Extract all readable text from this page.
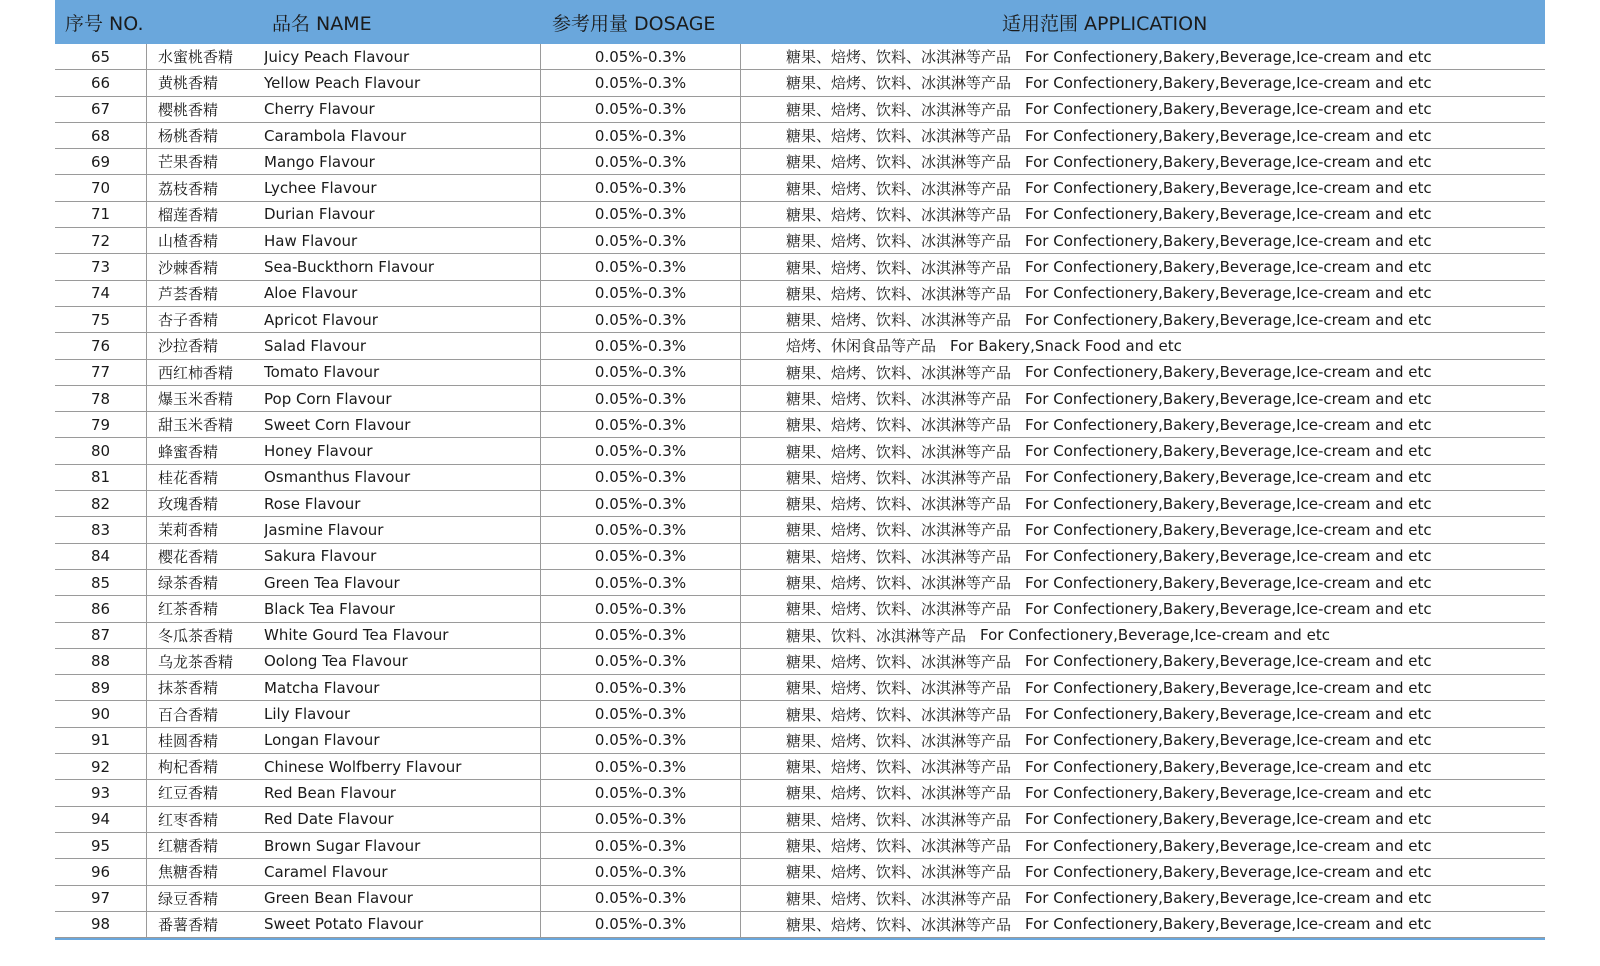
序号 NO.	品名 NAME	参考用量 DOSAGE	适用范围 APPLICATION
65	水蜜桃香精	Juicy Peach Flavour	0.05%-0.3%	糖果、焙烤、饮料、冰淇淋等产品 For Confectionery,Bakery,Beverage,Ice-cream and etc
66	黄桃香精	Yellow Peach Flavour	0.05%-0.3%	糖果、焙烤、饮料、冰淇淋等产品 For Confectionery,Bakery,Beverage,Ice-cream and etc
67	樱桃香精	Cherry Flavour	0.05%-0.3%	糖果、焙烤、饮料、冰淇淋等产品 For Confectionery,Bakery,Beverage,Ice-cream and etc
68	杨桃香精	Carambola Flavour	0.05%-0.3%	糖果、焙烤、饮料、冰淇淋等产品 For Confectionery,Bakery,Beverage,Ice-cream and etc
69	芒果香精	Mango Flavour	0.05%-0.3%	糖果、焙烤、饮料、冰淇淋等产品 For Confectionery,Bakery,Beverage,Ice-cream and etc
70	荔枝香精	Lychee Flavour	0.05%-0.3%	糖果、焙烤、饮料、冰淇淋等产品 For Confectionery,Bakery,Beverage,Ice-cream and etc
71	榴莲香精	Durian Flavour	0.05%-0.3%	糖果、焙烤、饮料、冰淇淋等产品 For Confectionery,Bakery,Beverage,Ice-cream and etc
72	山楂香精	Haw Flavour	0.05%-0.3%	糖果、焙烤、饮料、冰淇淋等产品 For Confectionery,Bakery,Beverage,Ice-cream and etc
73	沙棘香精	Sea-Buckthorn Flavour	0.05%-0.3%	糖果、焙烤、饮料、冰淇淋等产品 For Confectionery,Bakery,Beverage,Ice-cream and etc
74	芦荟香精	Aloe Flavour	0.05%-0.3%	糖果、焙烤、饮料、冰淇淋等产品 For Confectionery,Bakery,Beverage,Ice-cream and etc
75	杏子香精	Apricot Flavour	0.05%-0.3%	糖果、焙烤、饮料、冰淇淋等产品 For Confectionery,Bakery,Beverage,Ice-cream and etc
76	沙拉香精	Salad Flavour	0.05%-0.3%	焙烤、休闲食品等产品 For Bakery,Snack Food and etc
77	西红柿香精	Tomato Flavour	0.05%-0.3%	糖果、焙烤、饮料、冰淇淋等产品 For Confectionery,Bakery,Beverage,Ice-cream and etc
78	爆玉米香精	Pop Corn Flavour	0.05%-0.3%	糖果、焙烤、饮料、冰淇淋等产品 For Confectionery,Bakery,Beverage,Ice-cream and etc
79	甜玉米香精	Sweet Corn Flavour	0.05%-0.3%	糖果、焙烤、饮料、冰淇淋等产品 For Confectionery,Bakery,Beverage,Ice-cream and etc
80	蜂蜜香精	Honey Flavour	0.05%-0.3%	糖果、焙烤、饮料、冰淇淋等产品 For Confectionery,Bakery,Beverage,Ice-cream and etc
81	桂花香精	Osmanthus Flavour	0.05%-0.3%	糖果、焙烤、饮料、冰淇淋等产品 For Confectionery,Bakery,Beverage,Ice-cream and etc
82	玫瑰香精	Rose Flavour	0.05%-0.3%	糖果、焙烤、饮料、冰淇淋等产品 For Confectionery,Bakery,Beverage,Ice-cream and etc
83	茉莉香精	Jasmine Flavour	0.05%-0.3%	糖果、焙烤、饮料、冰淇淋等产品 For Confectionery,Bakery,Beverage,Ice-cream and etc
84	樱花香精	Sakura Flavour	0.05%-0.3%	糖果、焙烤、饮料、冰淇淋等产品 For Confectionery,Bakery,Beverage,Ice-cream and etc
85	绿茶香精	Green Tea Flavour	0.05%-0.3%	糖果、焙烤、饮料、冰淇淋等产品 For Confectionery,Bakery,Beverage,Ice-cream and etc
86	红茶香精	Black Tea Flavour	0.05%-0.3%	糖果、焙烤、饮料、冰淇淋等产品 For Confectionery,Bakery,Beverage,Ice-cream and etc
87	冬瓜茶香精	White Gourd Tea Flavour	0.05%-0.3%	糖果、饮料、冰淇淋等产品 For Confectionery,Beverage,Ice-cream and etc
88	乌龙茶香精	Oolong Tea Flavour	0.05%-0.3%	糖果、焙烤、饮料、冰淇淋等产品 For Confectionery,Bakery,Beverage,Ice-cream and etc
89	抹茶香精	Matcha Flavour	0.05%-0.3%	糖果、焙烤、饮料、冰淇淋等产品 For Confectionery,Bakery,Beverage,Ice-cream and etc
90	百合香精	Lily Flavour	0.05%-0.3%	糖果、焙烤、饮料、冰淇淋等产品 For Confectionery,Bakery,Beverage,Ice-cream and etc
91	桂圆香精	Longan Flavour	0.05%-0.3%	糖果、焙烤、饮料、冰淇淋等产品 For Confectionery,Bakery,Beverage,Ice-cream and etc
92	枸杞香精	Chinese Wolfberry Flavour	0.05%-0.3%	糖果、焙烤、饮料、冰淇淋等产品 For Confectionery,Bakery,Beverage,Ice-cream and etc
93	红豆香精	Red Bean Flavour	0.05%-0.3%	糖果、焙烤、饮料、冰淇淋等产品 For Confectionery,Bakery,Beverage,Ice-cream and etc
94	红枣香精	Red Date Flavour	0.05%-0.3%	糖果、焙烤、饮料、冰淇淋等产品 For Confectionery,Bakery,Beverage,Ice-cream and etc
95	红糖香精	Brown Sugar Flavour	0.05%-0.3%	糖果、焙烤、饮料、冰淇淋等产品 For Confectionery,Bakery,Beverage,Ice-cream and etc
96	焦糖香精	Caramel Flavour	0.05%-0.3%	糖果、焙烤、饮料、冰淇淋等产品 For Confectionery,Bakery,Beverage,Ice-cream and etc
97	绿豆香精	Green Bean Flavour	0.05%-0.3%	糖果、焙烤、饮料、冰淇淋等产品 For Confectionery,Bakery,Beverage,Ice-cream and etc
98	番薯香精	Sweet Potato Flavour	0.05%-0.3%	糖果、焙烤、饮料、冰淇淋等产品 For Confectionery,Bakery,Beverage,Ice-cream and etc
